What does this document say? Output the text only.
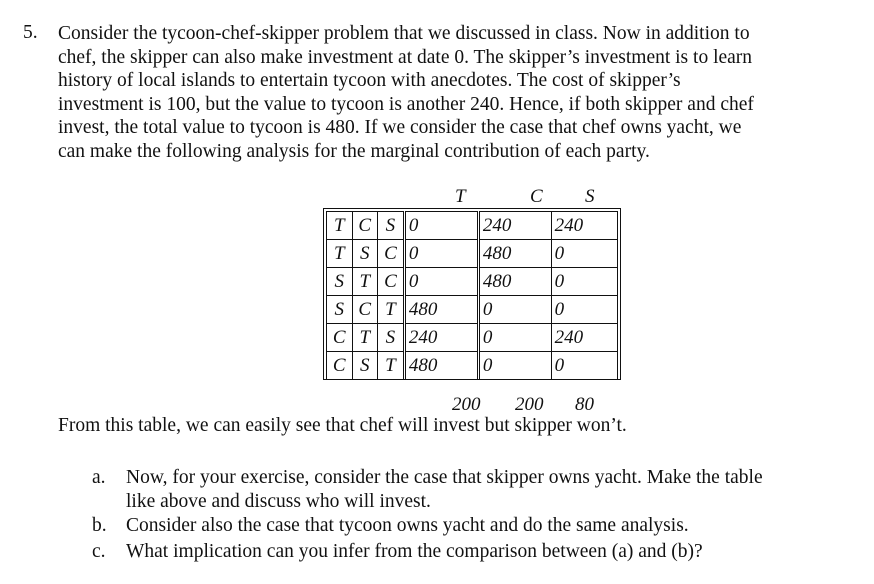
5. Consider the tycoon-chef-skipper problem that we discussed in class. Now in addition to
chef, the skipper can also make investment at date 0. The skipper’s investment is to learn
history of local islands to entertain tycoon with anecdotes. The cost of skipper’s
investment is 100, but the value to tycoon is another 240. Hence, if both skipper and chef
invest, the total value to tycoon is 480. If we consider the case that chef owns yacht, we
can make the following analysis for the marginal contribution of each party.
T	C S
T	C	S	0	240	240
T	S	C	0	480	0
S	T	C	0	480	0
S	C	T	480	0	0
C	T	S	240	0	240
C	S	T	480	0	0
200 200 80
From this table, we can easily see that chef will invest but skipper won’t.
a. Now, for your exercise, consider the case that skipper owns yacht. Make the table
like above and discuss who will invest.
b. Consider also the case that tycoon owns yacht and do the same analysis.
c. What implication can you infer from the comparison between (a) and (b)?
